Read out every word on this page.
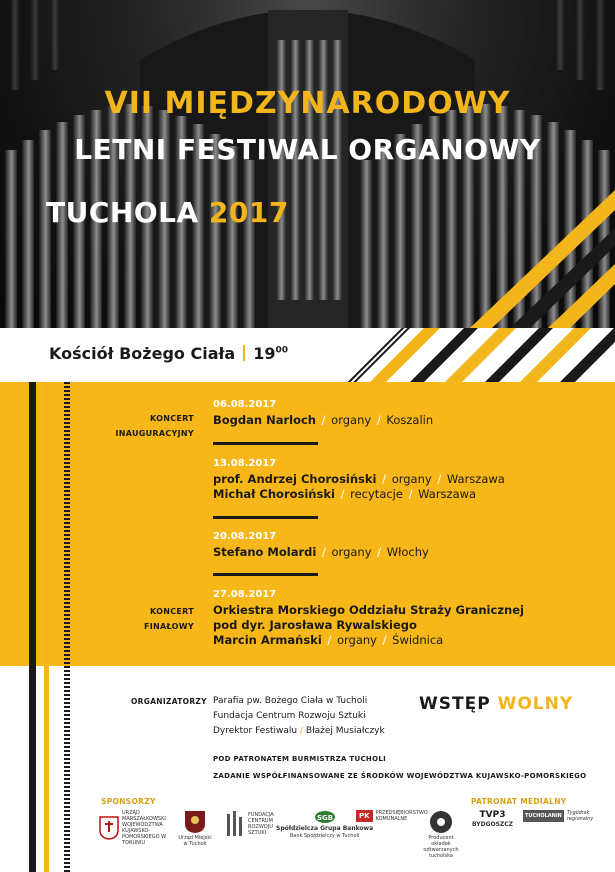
VII MIĘDZYNARODOWY
LETNI FESTIWAL ORGANOWY
TUCHOLA 2017
Kościół Bożego Ciała $19^{00}$
KONCERT
INAUGURACYJNY
06.08.2017
Bogdan Narloch / organy / Koszalin
13.08.2017
prof. Andrzej Chorosiński / organy / Warszawa
Michał Chorosiński / recytacje / Warszawa
20.08.2017
Stefano Molardi / organy / Włochy
KONCERT
FINAŁOWY
27.08.2017
Orkiestra Morskiego Oddziału Straży Granicznej
pod dyr. Jarosława Rywalskiego
Marcin Armański / organy / Świdnica
ORGANIZATORZY Parafia pw. Bożego Ciała w Tucholi
Fundacja Centrum Rozwoju Sztuki
Dyrektor Festiwalu / Błażej Musiałczyk
WSTĘP WOLNY
POD PATRONATEM BURMISTRZA TUCHOLI
ZADANIE WSPÓŁFINANSOWANE ZE ŚRODKÓW WOJEWÓDZTWA KUJAWSKO-POMORSKIEGO
SPONSORZY	PATRONAT MEDIALNY
URZĄD MARSZAŁKOWSKI WOJEWÓDZTWA KUJAWSKO-POMORSKIEGO W TORUNIU
Urząd Miejski w Tucholi
FUNDACJA CENTRUM ROZWOJU SZTUKI
SGB
Spółdzielcza Grupa Bankowa
Bank Spółdzielczy w Tucholi
PK	PRZEDSIĘBIORSTWO KOMUNALNE
Producent okładek odtwarzanych tucholska
TVP3
BYDGOSZCZ
TUCHOLANIN	Tygodnik regionalny
